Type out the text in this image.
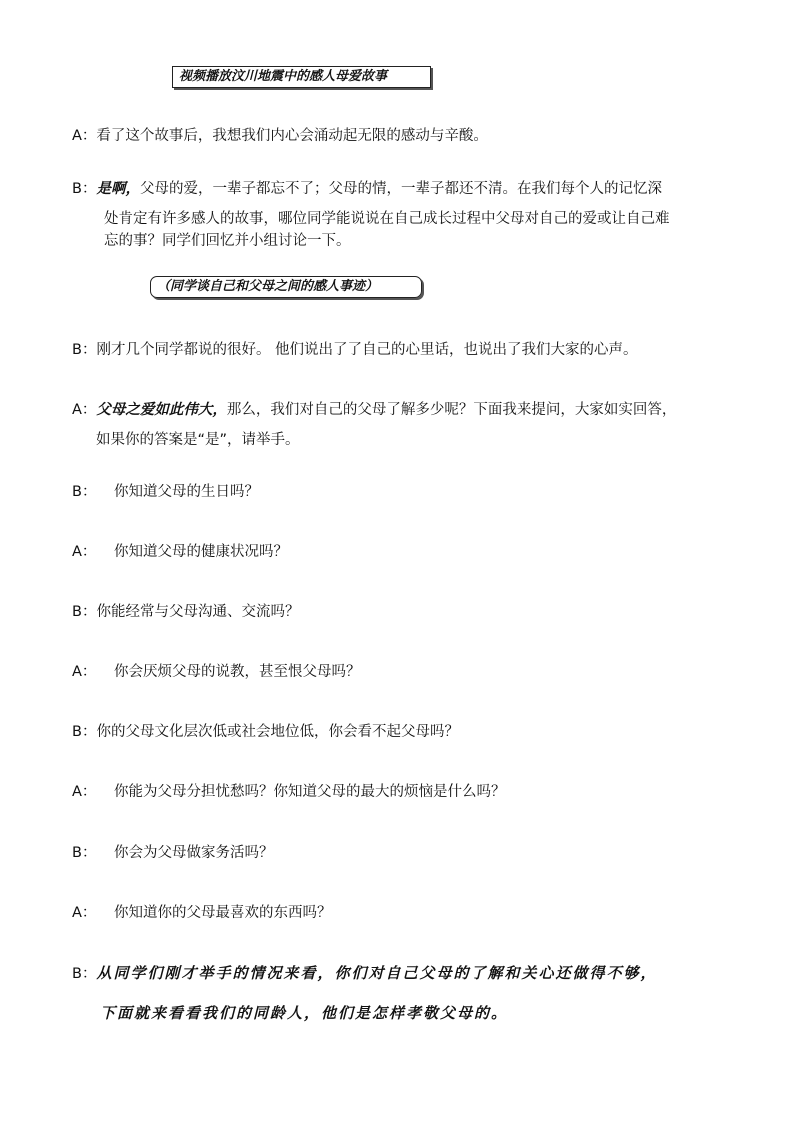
视频播放汶川地震中的感人母爱故事
A：看了这个故事后，我想我们内心会涌动起无限的感动与辛酸。
B：是啊，父母的爱，一辈子都忘不了；父母的情，一辈子都还不清。在我们每个人的记忆深
处肯定有许多感人的故事，哪位同学能说说在自己成长过程中父母对自己的爱或让自己难
忘的事？同学们回忆并小组讨论一下。
（同学谈自己和父母之间的感人事迹）
B：刚才几个同学都说的很好。 他们说出了了自己的心里话，也说出了我们大家的心声。
A：父母之爱如此伟大，那么，我们对自己的父母了解多少呢？下面我来提问，大家如实回答，
如果你的答案是“是”，请举手。
B： 你知道父母的生日吗？
A： 你知道父母的健康状况吗？
B：你能经常与父母沟通、交流吗？
A： 你会厌烦父母的说教，甚至恨父母吗？
B：你的父母文化层次低或社会地位低，你会看不起父母吗？
A： 你能为父母分担忧愁吗？你知道父母的最大的烦恼是什么吗？
B： 你会为父母做家务活吗？
A： 你知道你的父母最喜欢的东西吗？
B：从同学们刚才举手的情况来看，你们对自己父母的了解和关心还做得不够，
下面就来看看我们的同龄人，他们是怎样孝敬父母的。
